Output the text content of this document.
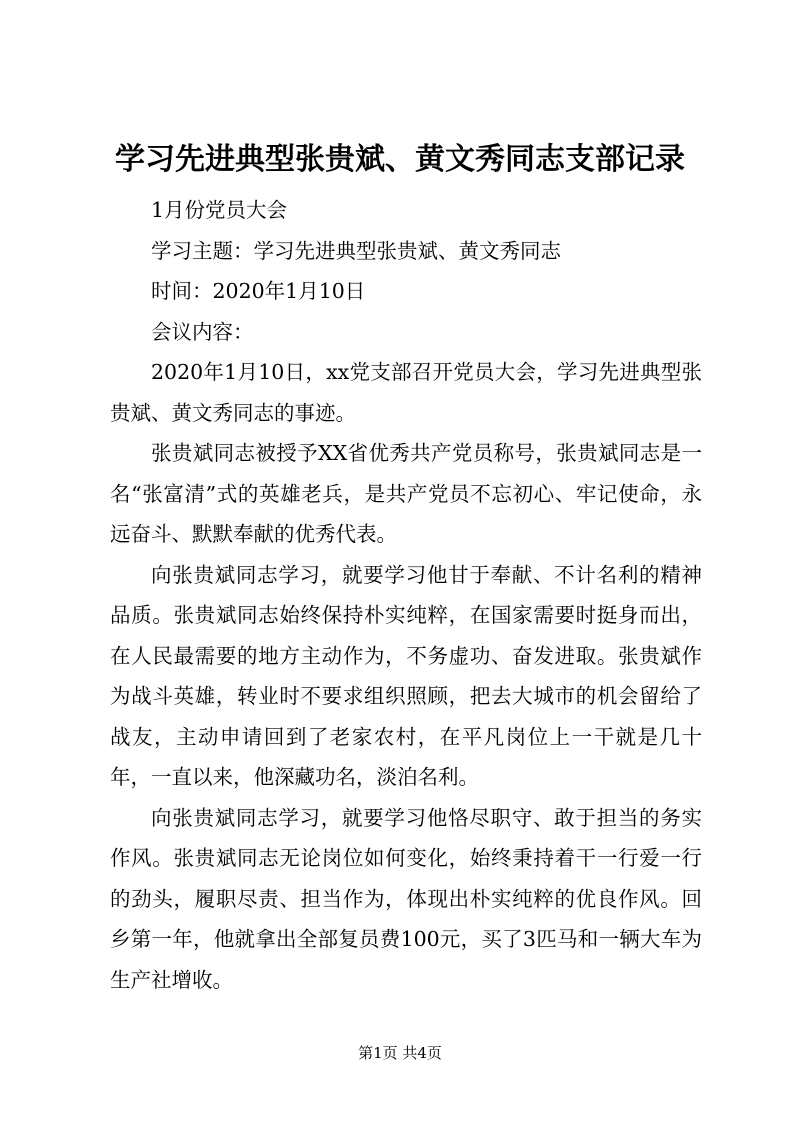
学习先进典型张贵斌、黄文秀同志支部记录

1月份党员大会

学习主题：学习先进典型张贵斌、黄文秀同志

时间：2020年1月10日

会议内容：

2020年1月10日，xx党支部召开党员大会，学习先进典型张贵斌、黄文秀同志的事迹。

张贵斌同志被授予XX省优秀共产党员称号，张贵斌同志是一名“张富清”式的英雄老兵，是共产党员不忘初心、牢记使命，永远奋斗、默默奉献的优秀代表。

向张贵斌同志学习，就要学习他甘于奉献、不计名利的精神品质。张贵斌同志始终保持朴实纯粹，在国家需要时挺身而出，在人民最需要的地方主动作为，不务虚功、奋发进取。张贵斌作为战斗英雄，转业时不要求组织照顾，把去大城市的机会留给了战友，主动申请回到了老家农村，在平凡岗位上一干就是几十年，一直以来，他深藏功名，淡泊名利。

向张贵斌同志学习，就要学习他恪尽职守、敢于担当的务实作风。张贵斌同志无论岗位如何变化，始终秉持着干一行爱一行的劲头，履职尽责、担当作为，体现出朴实纯粹的优良作风。回乡第一年，他就拿出全部复员费100元，买了3匹马和一辆大车为生产社增收。

第1页 共4页
